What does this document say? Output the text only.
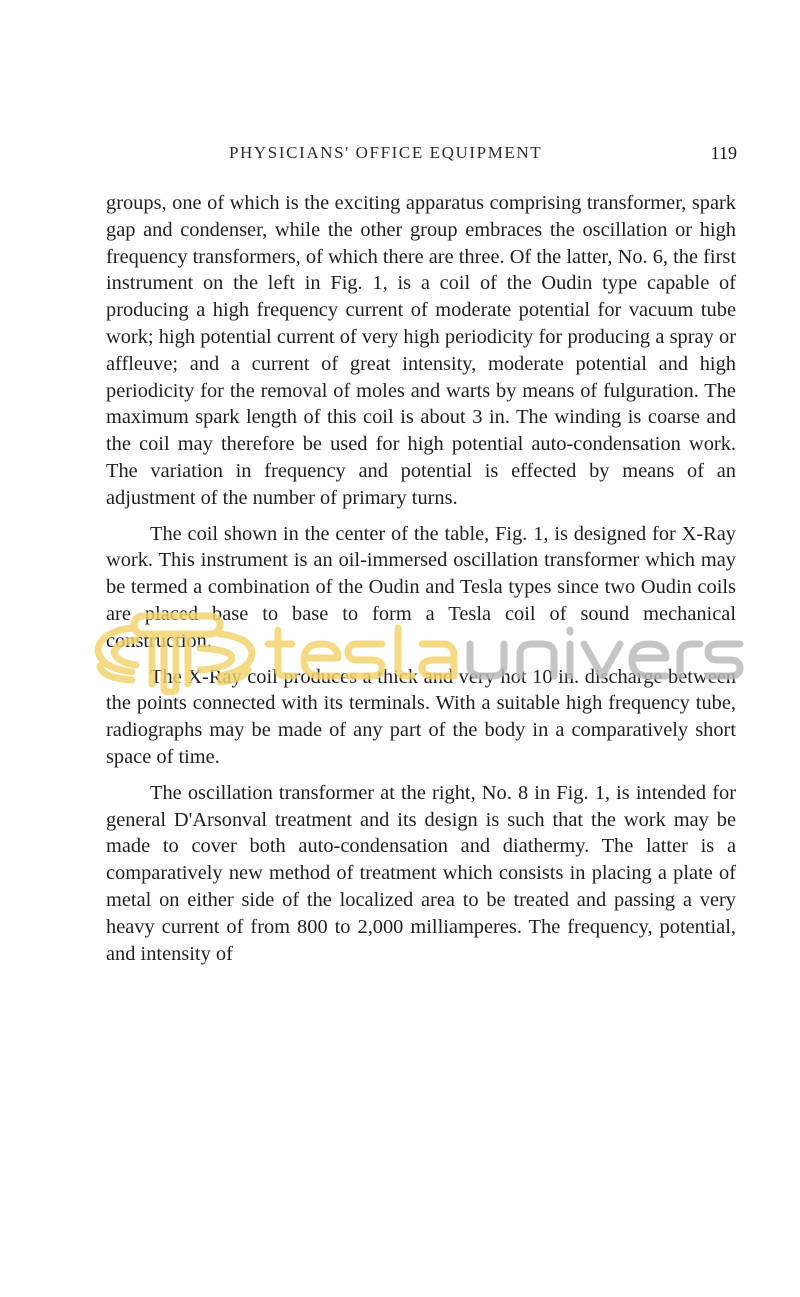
PHYSICIANS' OFFICE EQUIPMENT	119

groups, one of which is the exciting apparatus comprising transformer, spark gap and condenser, while the other group embraces the oscillation or high frequency transformers, of which there are three. Of the latter, No. 6, the first instrument on the left in Fig. 1, is a coil of the Oudin type capable of producing a high frequency current of moderate potential for vacuum tube work; high potential current of very high periodicity for producing a spray or affleuve; and a current of great intensity, moderate potential and high periodicity for the removal of moles and warts by means of fulguration. The maximum spark length of this coil is about 3 in. The winding is coarse and the coil may therefore be used for high potential auto-condensation work. The variation in frequency and potential is effected by means of an adjustment of the number of primary turns.

The coil shown in the center of the table, Fig. 1, is designed for X-Ray work. This instrument is an oil-immersed oscillation transformer which may be termed a combination of the Oudin and Tesla types since two Oudin coils are placed base to base to form a Tesla coil of sound mechanical construction.

The X-Ray coil produces a thick and very hot 10 in. discharge between the points connected with its terminals. With a suitable high frequency tube, radiographs may be made of any part of the body in a comparatively short space of time.

The oscillation transformer at the right, No. 8 in Fig. 1, is intended for general D'Arsonval treatment and its design is such that the work may be made to cover both auto-condensation and diathermy. The latter is a comparatively new method of treatment which consists in placing a plate of metal on either side of the localized area to be treated and passing a very heavy current of from 800 to 2,000 milliamperes. The frequency, potential, and intensity of
